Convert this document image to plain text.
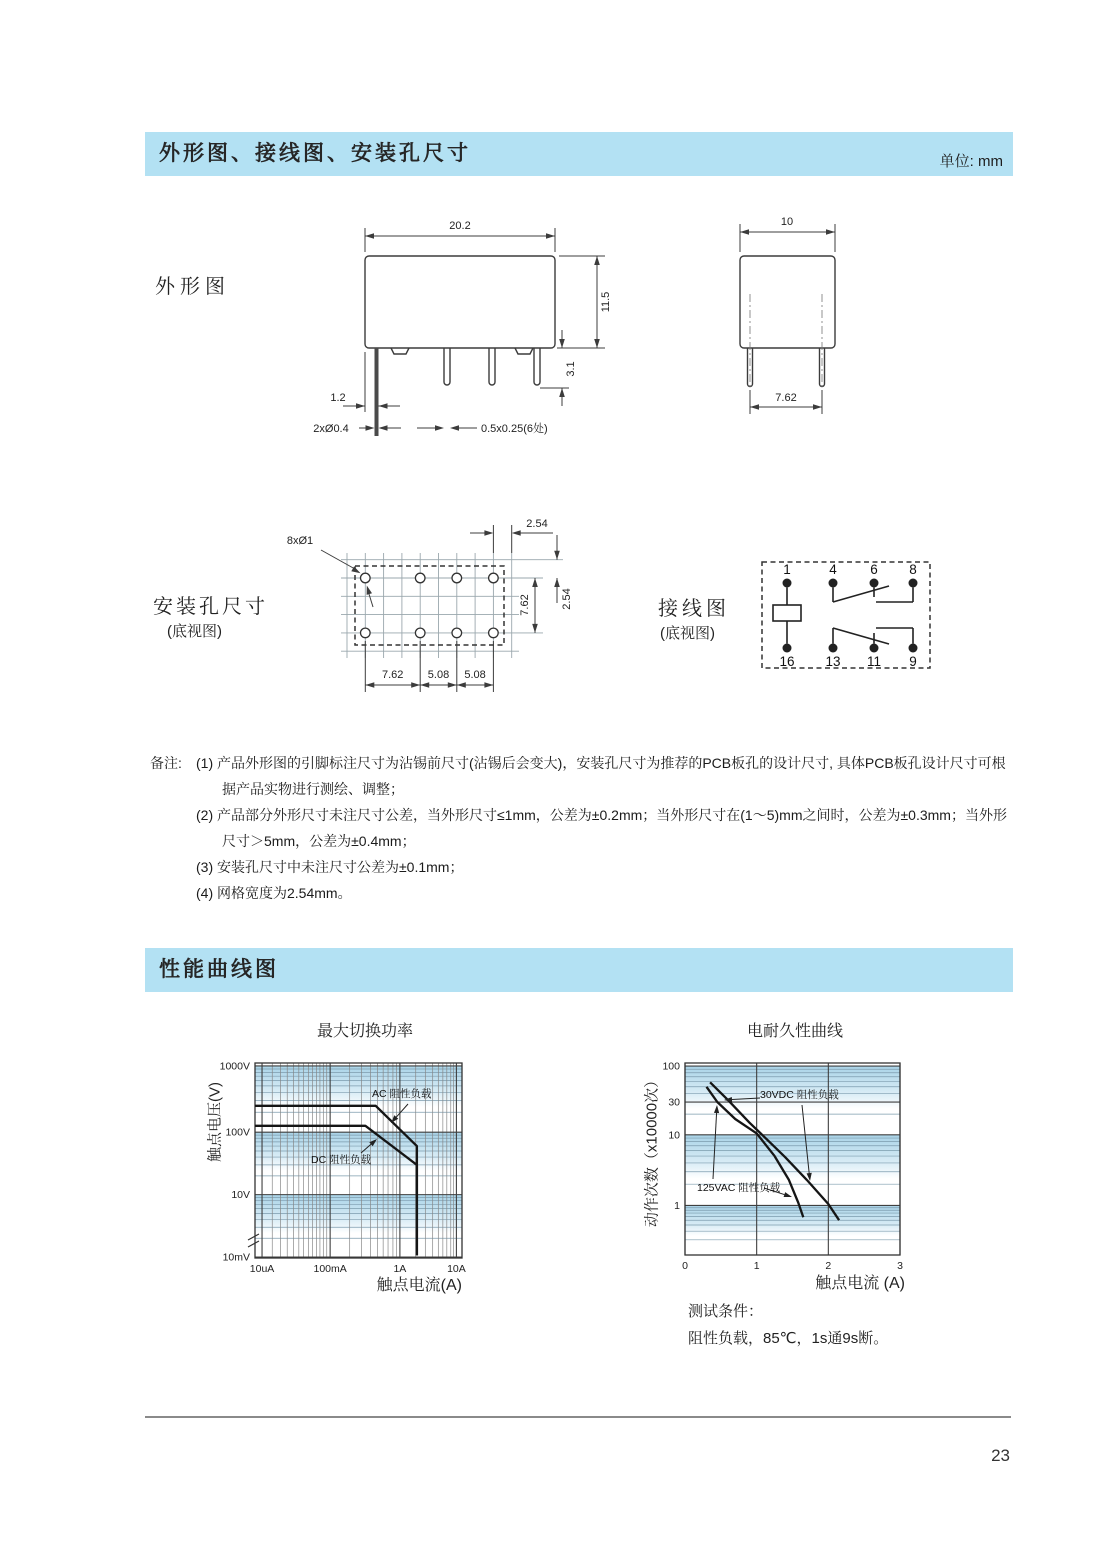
外形图、接线图、安装孔尺寸	单位: mm
外形图
20.2
11.5
3.1
1.2
2xØ0.4	0.5x0.25(6处)
10
7.62
安装孔尺寸
(底视图)
接线图
(底视图)
8xØ1
2.54
7.62	2.54
7.62 5.08 5.08
1	4 6 8
16 13 11 9
备注:	(1) 产品外形图的引脚标注尺寸为沾锡前尺寸(沾锡后会变大)，安装孔尺寸为推荐的PCB板孔的设计尺寸, 具体PCB板孔设计尺寸可根据产品实物进行测绘、调整；
(2) 产品部分外形尺寸未注尺寸公差，当外形尺寸≤1mm，公差为±0.2mm；当外形尺寸在(1～5)mm之间时，公差为±0.3mm；当外形尺寸＞5mm，公差为±0.4mm；
(3) 安装孔尺寸中未注尺寸公差为±0.1mm；
(4) 网格宽度为2.54mm。
性能曲线图
最大切换功率
触点电压(V)
1000V
100V
10V
10mV
10uA	100mA	1A	10A
触点电流(A)
AC 阻性负载
DC 阻性负载
电耐久性曲线
动作次数（x10000次）
100
30
10
1
0	1	2	3
触点电流 (A)
30VDC 阻性负载
125VAC 阻性负载
测试条件：
阻性负载，85℃，1s通9s断。
23
